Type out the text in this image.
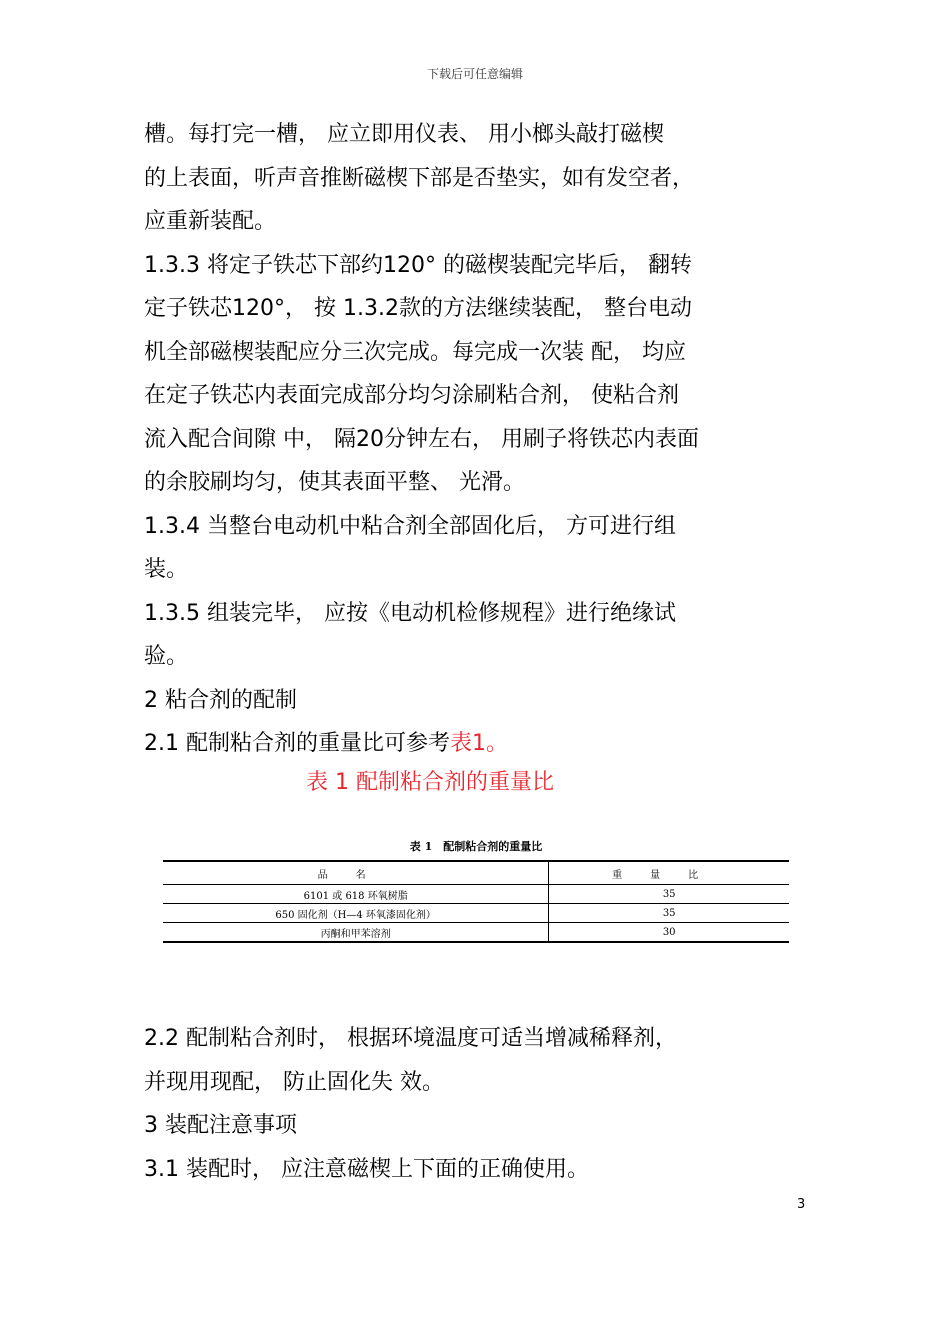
下载后可任意编辑

槽。每打完一槽， 应立即用仪表、 用小榔头敲打磁楔

的上表面，听声音推断磁楔下部是否垫实，如有发空者，

应重新装配。

1.3.3 将定子铁芯下部约120° 的磁楔装配完毕后， 翻转

定子铁芯120°， 按 1.3.2款的方法继续装配， 整台电动

机全部磁楔装配应分三次完成。每完成一次装 配， 均应

在定子铁芯内表面完成部分均匀涂刷粘合剂， 使粘合剂

流入配合间隙 中， 隔20分钟左右， 用刷子将铁芯内表面

的余胶刷均匀，使其表面平整、 光滑。

1.3.4 当整台电动机中粘合剂全部固化后， 方可进行组

装。

1.3.5 组装完毕， 应按《电动机检修规程》进行绝缘试

验。

2 粘合剂的配制

2.1 配制粘合剂的重量比可参考表1。

表 1 配制粘合剂的重量比
表 1　配制粘合剂的重量比
品名	重量比
6101 或 618 环氧树脂	35
650 固化剂（H—4 环氧漆固化剂）	35
丙酮和甲苯溶剂	30

2.2 配制粘合剂时， 根据环境温度可适当增减稀释剂，

并现用现配， 防止固化失 效。

3 装配注意事项

3.1 装配时， 应注意磁楔上下面的正确使用。

3
